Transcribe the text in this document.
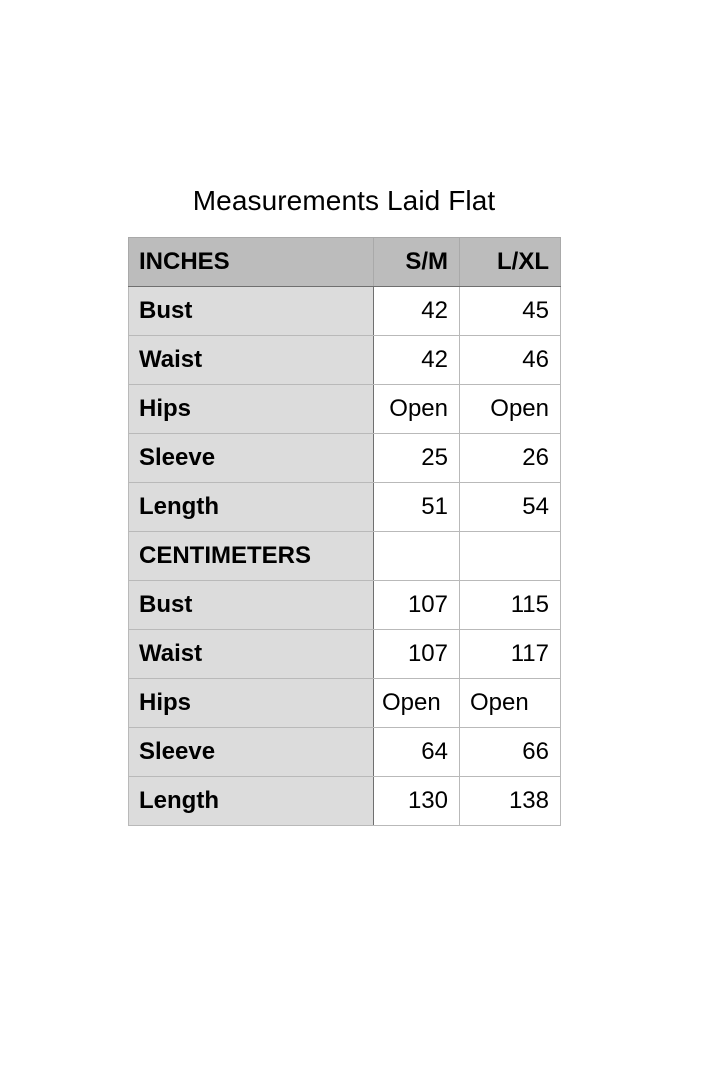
Measurements Laid Flat
INCHES	S/M	L/XL
Bust	42	45
Waist	42	46
Hips	Open	Open
Sleeve	25	26
Length	51	54
CENTIMETERS		
Bust	107	115
Waist	107	117
Hips	Open	Open
Sleeve	64	66
Length	130	138
